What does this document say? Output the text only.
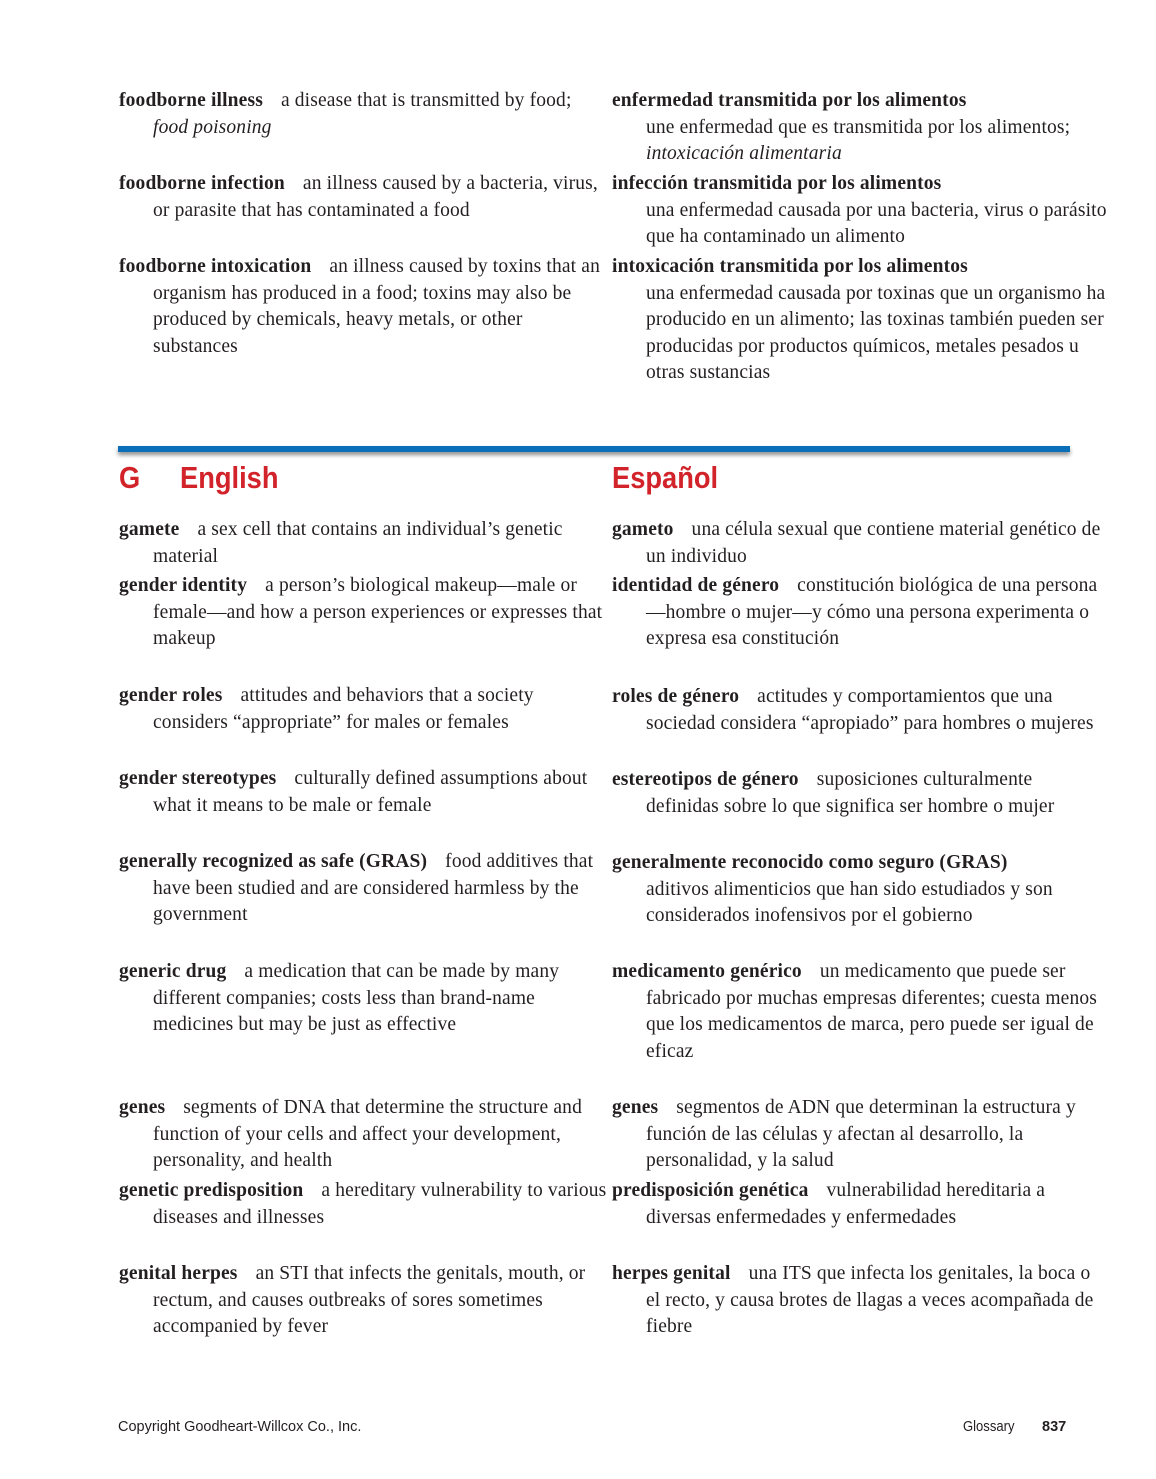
foodborne illness a disease that is transmitted by food; food poisoning
foodborne infection an illness caused by a bacteria, virus, or parasite that has contaminated a food
foodborne intoxication an illness caused by toxins that an organism has produced in a food; toxins may also be produced by chemicals, heavy metals, or other substances
enfermedad transmitida por los alimentos
une enfermedad que es transmitida por los alimentos; intoxicación alimentaria
infección transmitida por los alimentos
una enfermedad causada por una bacteria, virus o parásito que ha contaminado un alimento
intoxicación transmitida por los alimentos
una enfermedad causada por toxinas que un organismo ha producido en un alimento; las toxinas también pueden ser producidas por productos químicos, metales pesados u otras sustancias
gamete a sex cell that contains an individual’s genetic material
gender identity a person’s biological makeup—male or female—and how a person experiences or expresses that makeup
gender roles attitudes and behaviors that a society considers “appropriate” for males or females
gender stereotypes culturally defined assumptions about what it means to be male or female
generally recognized as safe (GRAS) food additives that have been studied and are considered harmless by the government
generic drug a medication that can be made by many different companies; costs less than brand-name medicines but may be just as effective
genes segments of DNA that determine the structure and function of your cells and affect your development, personality, and health
genetic predisposition a hereditary vulnerability to various diseases and illnesses
genital herpes an STI that infects the genitals, mouth, or rectum, and causes outbreaks of sores sometimes accompanied by fever
gameto una célula sexual que contiene material genético de un individuo
identidad de género constitución biológica de una persona—hombre o mujer—y cómo una persona experimenta o expresa esa constitución
roles de género actitudes y comportamientos que una sociedad considera “apropiado” para hombres o mujeres
estereotipos de género suposiciones culturalmente definidas sobre lo que significa ser hombre o mujer
generalmente reconocido como seguro (GRAS)
aditivos alimenticios que han sido estudiados y son considerados inofensivos por el gobierno
medicamento genérico un medicamento que puede ser fabricado por muchas empresas diferentes; cuesta menos que los medicamentos de marca, pero puede ser igual de eficaz
genes segmentos de ADN que determinan la estructura y función de las células y afectan al desarrollo, la personalidad, y la salud
predisposición genética vulnerabilidad hereditaria a diversas enfermedades y enfermedades
herpes genital una ITS que infecta los genitales, la boca o el recto, y causa brotes de llagas a veces acompañada de fiebre
G English	Español
Copyright Goodheart-Willcox Co., Inc.	Glossary 837
